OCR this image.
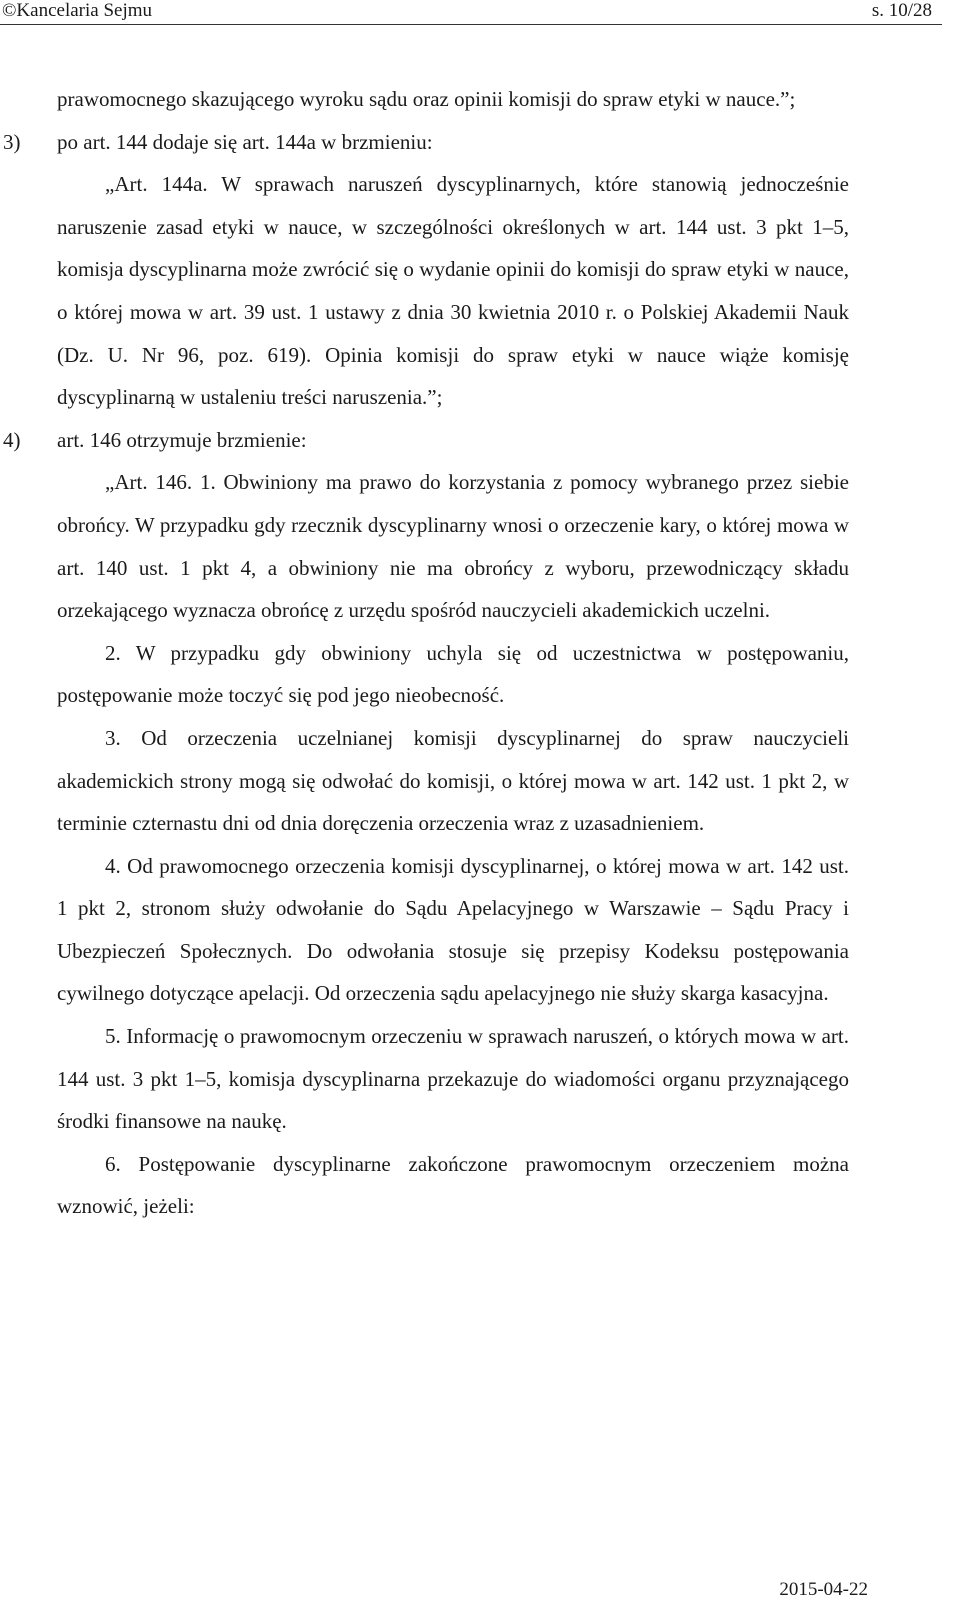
©Kancelaria Sejmu	s. 10/28

prawomocnego skazującego wyroku sądu oraz opinii komisji do spraw etyki w nauce.”;

3) po art. 144 dodaje się art. 144a w brzmieniu:

„Art. 144a. W sprawach naruszeń dyscyplinarnych, które stanowią jednocześnie naruszenie zasad etyki w nauce, w szczególności określonych w art. 144 ust. 3 pkt 1–5, komisja dyscyplinarna może zwrócić się o wydanie opinii do komisji do spraw etyki w nauce, o której mowa w art. 39 ust. 1 ustawy z dnia 30 kwietnia 2010 r. o Polskiej Akademii Nauk (Dz. U. Nr 96, poz. 619). Opinia komisji do spraw etyki w nauce wiąże komisję dyscyplinarną w ustaleniu treści naruszenia.”;

4) art. 146 otrzymuje brzmienie:

„Art. 146. 1. Obwiniony ma prawo do korzystania z pomocy wybranego przez siebie obrońcy. W przypadku gdy rzecznik dyscyplinarny wnosi o orzeczenie kary, o której mowa w art. 140 ust. 1 pkt 4, a obwiniony nie ma obrońcy z wyboru, przewodniczący składu orzekającego wyznacza obrońcę z urzędu spośród nauczycieli akademickich uczelni.

2. W przypadku gdy obwiniony uchyla się od uczestnictwa w postępowaniu, postępowanie może toczyć się pod jego nieobecność.

3. Od orzeczenia uczelnianej komisji dyscyplinarnej do spraw nauczycieli akademickich strony mogą się odwołać do komisji, o której mowa w art. 142 ust. 1 pkt 2, w terminie czternastu dni od dnia doręczenia orzeczenia wraz z uzasadnieniem.

4. Od prawomocnego orzeczenia komisji dyscyplinarnej, o której mowa w art. 142 ust. 1 pkt 2, stronom służy odwołanie do Sądu Apelacyjnego w Warszawie – Sądu Pracy i Ubezpieczeń Społecznych. Do odwołania stosuje się przepisy Kodeksu postępowania cywilnego dotyczące apelacji. Od orzeczenia sądu apelacyjnego nie służy skarga kasacyjna.

5. Informację o prawomocnym orzeczeniu w sprawach naruszeń, o których mowa w art. 144 ust. 3 pkt 1–5, komisja dyscyplinarna przekazuje do wiadomości organu przyznającego środki finansowe na naukę.

6. Postępowanie dyscyplinarne zakończone prawomocnym orzeczeniem można wznowić, jeżeli:

2015-04-22
